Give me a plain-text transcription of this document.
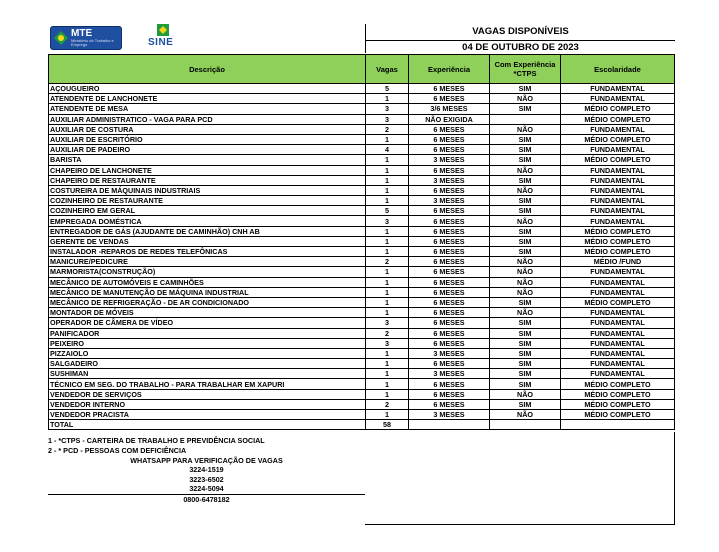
MTE
Ministério do Trabalho e Emprego	SINE
VAGAS DISPONÍVEIS
04 DE OUTUBRO DE 2023
Descrição	Vagas	Experiência	Com Experiência *CTPS	Escolaridade
AÇOUGUEIRO	5	6 MESES	SIM	FUNDAMENTAL
ATENDENTE DE LANCHONETE	1	6 MESES	NÃO	FUNDAMENTAL
ATENDENTE DE MESA	3	3/6 MESES	SIM	MÉDIO COMPLETO
AUXILIAR ADMINISTRATICO - VAGA PARA PCD	3	NÃO EXIGIDA		MÉDIO COMPLETO
AUXILIAR DE COSTURA	2	6 MESES	NÃO	FUNDAMENTAL
AUXILIAR DE ESCRITÓRIO	1	6 MESES	SIM	MÉDIO COMPLETO
AUXILIAR DE PADEIRO	4	6 MESES	SIM	FUNDAMENTAL
BARISTA	1	3 MESES	SIM	MÉDIO COMPLETO
CHAPEIRO DE LANCHONETE	1	6 MESES	NÃO	FUNDAMENTAL
CHAPEIRO DE RESTAURANTE	1	3 MESES	SIM	FUNDAMENTAL
COSTUREIRA DE MÁQUINAIS INDUSTRIAIS	1	6 MESES	NÃO	FUNDAMENTAL
COZINHEIRO DE RESTAURANTE	1	3 MESES	SIM	FUNDAMENTAL
COZINHEIRO EM GERAL	5	6 MESES	SIM	FUNDAMENTAL
EMPREGADA DOMÉSTICA	3	6 MESES	NÃO	FUNDAMENTAL
ENTREGADOR DE GÁS (AJUDANTE DE CAMINHÃO) CNH AB	1	6 MESES	SIM	MÉDIO COMPLETO
GERENTE DE VENDAS	1	6 MESES	SIM	MÉDIO COMPLETO
INSTALADOR -REPAROS DE REDES TELEFÔNICAS	1	6 MESES	SIM	MÉDIO COMPLETO
MANICURE/PEDICURE	2	6 MESES	NÃO	MÉDIO /FUND
MARMORISTA(CONSTRUÇÃO)	1	6 MESES	NÃO	FUNDAMENTAL
MECÂNICO DE AUTOMÓVEIS E CAMINHÕES	1	6 MESES	NÃO	FUNDAMENTAL
MECÂNICO DE MANUTENÇÃO DE MÁQUINA INDUSTRIAL	1	6 MESES	NÃO	FUNDAMENTAL
MECÂNICO DE REFRIGERAÇÃO - DE AR CONDICIONADO	1	6 MESES	SIM	MÉDIO COMPLETO
MONTADOR DE MÓVEIS	1	6 MESES	NÃO	FUNDAMENTAL
OPERADOR DE CÂMERA DE VÍDEO	3	6 MESES	SIM	FUNDAMENTAL
PANIFICADOR	2	6 MESES	SIM	FUNDAMENTAL
PEIXEIRO	3	6 MESES	SIM	FUNDAMENTAL
PIZZAIOLO	1	3 MESES	SIM	FUNDAMENTAL
SALGADEIRO	1	6 MESES	SIM	FUNDAMENTAL
SUSHIMAN	1	3 MESES	SIM	FUNDAMENTAL
TÉCNICO EM SEG. DO TRABALHO - PARA TRABALHAR EM XAPURI	1	6 MESES	SIM	MÉDIO COMPLETO
VENDEDOR DE SERVIÇOS	1	6 MESES	NÃO	MÉDIO COMPLETO
VENDEDOR INTERNO	2	6 MESES	SIM	MÉDIO COMPLETO
VENDEDOR PRACISTA	1	3 MESES	NÃO	MÉDIO COMPLETO
TOTAL	58			
1 - *CTPS - CARTEIRA DE TRABALHO E PREVIDÊNCIA SOCIAL
2 - * PCD - PESSOAS COM DEFICIÊNCIA
WHATSAPP PARA VERIFICAÇÃO DE VAGAS
3224-1519
3223-6502
3224-5094
0800-6478182
